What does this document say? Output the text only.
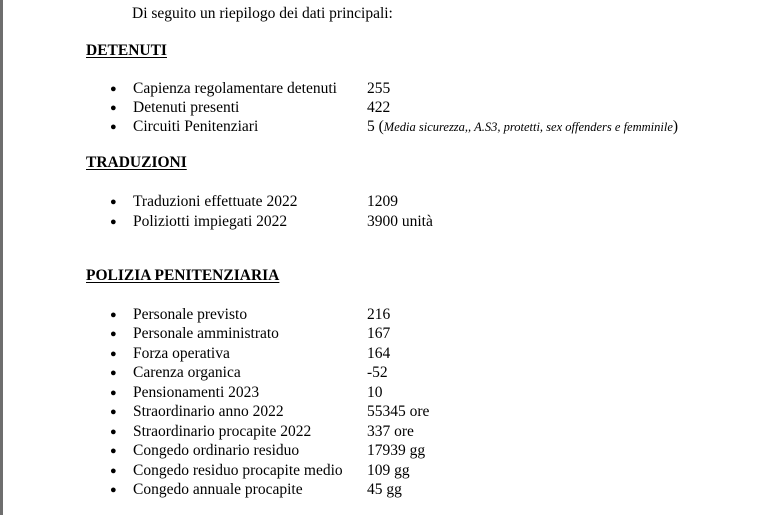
Di seguito un riepilogo dei dati principali:
DETENUTI
● Capienza regolamentare detenuti 255
● Detenuti presenti	422
● Circuiti Penitenziari	5 (Media sicurezza,, A.S3, protetti, sex offenders e femminile)
TRADUZIONI
● Traduzioni effettuate 2022	1209
● Poliziotti impiegati 2022	3900 unità
POLIZIA PENITENZIARIA
● Personale previsto	216
● Personale amministrato	167
● Forza operativa	164
● Carenza organica	-52
● Pensionamenti 2023	10
● Straordinario anno 2022	55345 ore
● Straordinario procapite 2022	337 ore
● Congedo ordinario residuo	17939 gg
● Congedo residuo procapite medio 109 gg
● Congedo annuale procapite	45 gg
